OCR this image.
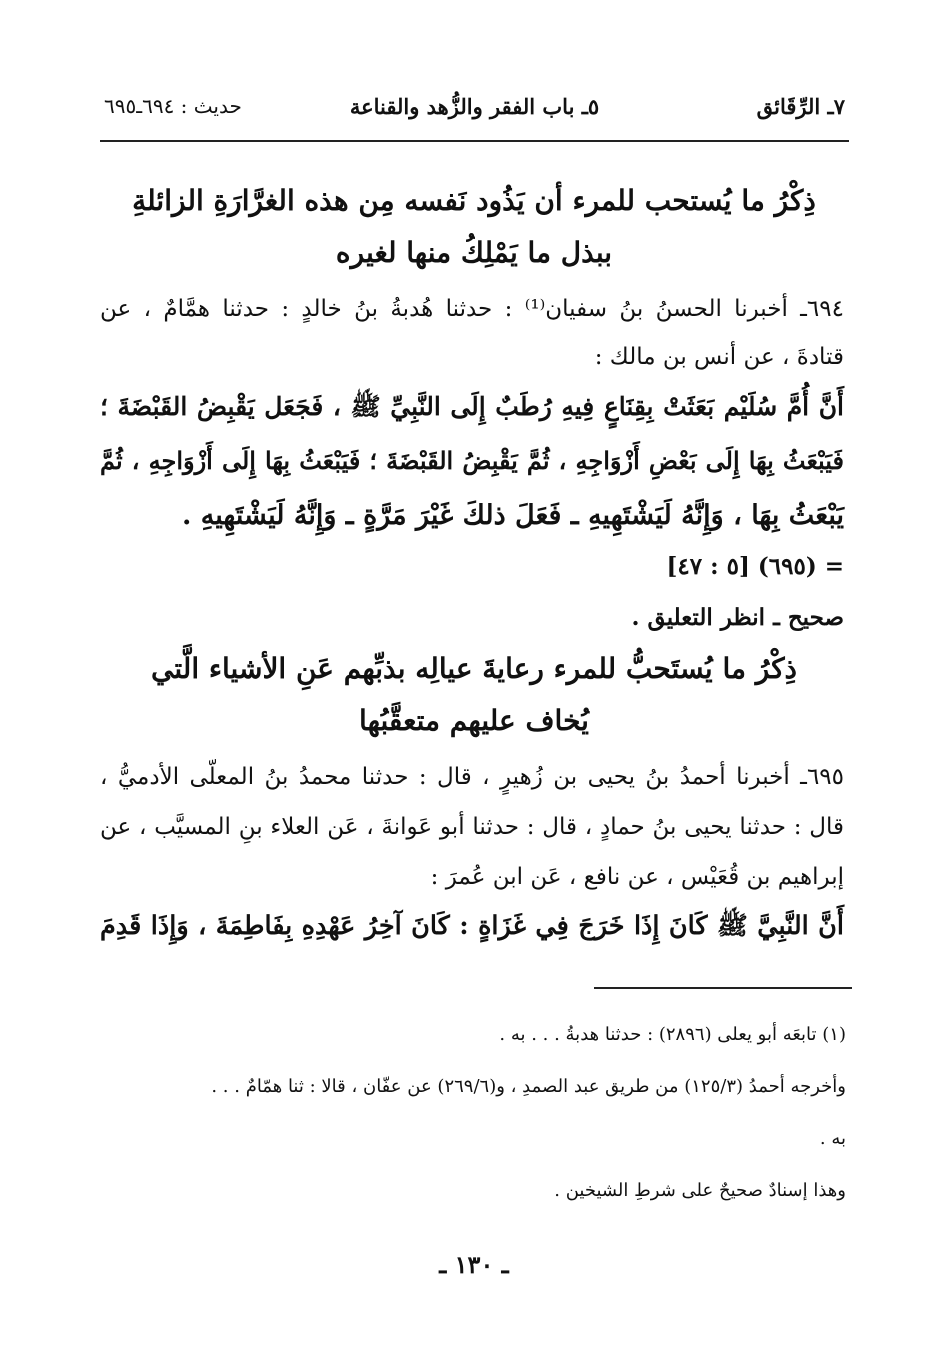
٧ـ الرِّقَائق
٥ـ باب الفقر والزُّهد والقناعة
حديث : ٦٩٤ـ٦٩٥
ذِكْرُ ما يُستحب للمرء أن يَذُود نَفسه مِن هذه الغرَّارَةِ الزائلةِ
ببذل ما يَمْلِكُ منها لغيره
٦٩٤ـ أخبرنا الحسنُ بنُ سفيان⁽¹⁾ : حدثنا هُدبةُ بنُ خالدٍ : حدثنا همَّامٌ ، عن
قتادةَ ، عن أنس بن مالك :
أَنَّ أُمَّ سُلَيْم بَعَثَتْ بِقِنَاعٍ فِيهِ رُطَبٌ إِلَى النَّبِيِّ ﷺ ، فَجَعَل يَقْبِضُ القَبْضَةَ ؛
فَيَبْعَثُ بِهَا إِلَى بَعْضِ أَزْوَاجِهِ ، ثُمَّ يَقْبِضُ القَبْضَةَ ؛ فَيَبْعَثُ بِهَا إِلَى أَزْوَاجِهِ ، ثُمَّ
يَبْعَثُ بِهَا ، وَإِنَّهُ لَيَشْتَهِيهِ ـ فَعَلَ ذلكَ غَيْرَ مَرَّةٍ ـ وَإِنَّهُ لَيَشْتَهِيهِ .
= (٦٩٥) [٥ : ٤٧]
صحيح ـ انظر التعليق .
ذِكْرُ ما يُستَحبُّ للمرء رعايةَ عيالِه بذبِّهم عَنِ الأشياء الَّتي
يُخاف عليهم متعقَّبُها
٦٩٥ـ أخبرنا أحمدُ بنُ يحيى بن زُهيرٍ ، قال : حدثنا محمدُ بنُ المعلّى الأدميُّ ،
قال : حدثنا يحيى بنُ حمادٍ ، قال : حدثنا أبو عَوانةَ ، عَن العلاء بنِ المسيَّب ، عن
إبراهيم بن قُعَيْس ، عن نافع ، عَن ابن عُمرَ :
أَنَّ النَّبِيَّ ﷺ كَانَ إِذَا خَرَجَ فِي غَزَاةٍ : كَانَ آخِرُ عَهْدِهِ بِفَاطِمَةَ ، وَإِذَا قَدِمَ
(١) تابعَه أبو يعلى (٢٨٩٦) : حدثنا هدبةُ . . . به .
وأخرجه أحمدُ (١٢٥/٣) من طريق عبد الصمدِ ، و(٢٦٩/٦) عن عفّان ، قالا : ثنا همّامٌ . . .
به .
وهذا إسنادٌ صحيحٌ على شرطِ الشيخين .
ـ ١٣٠ ـ
